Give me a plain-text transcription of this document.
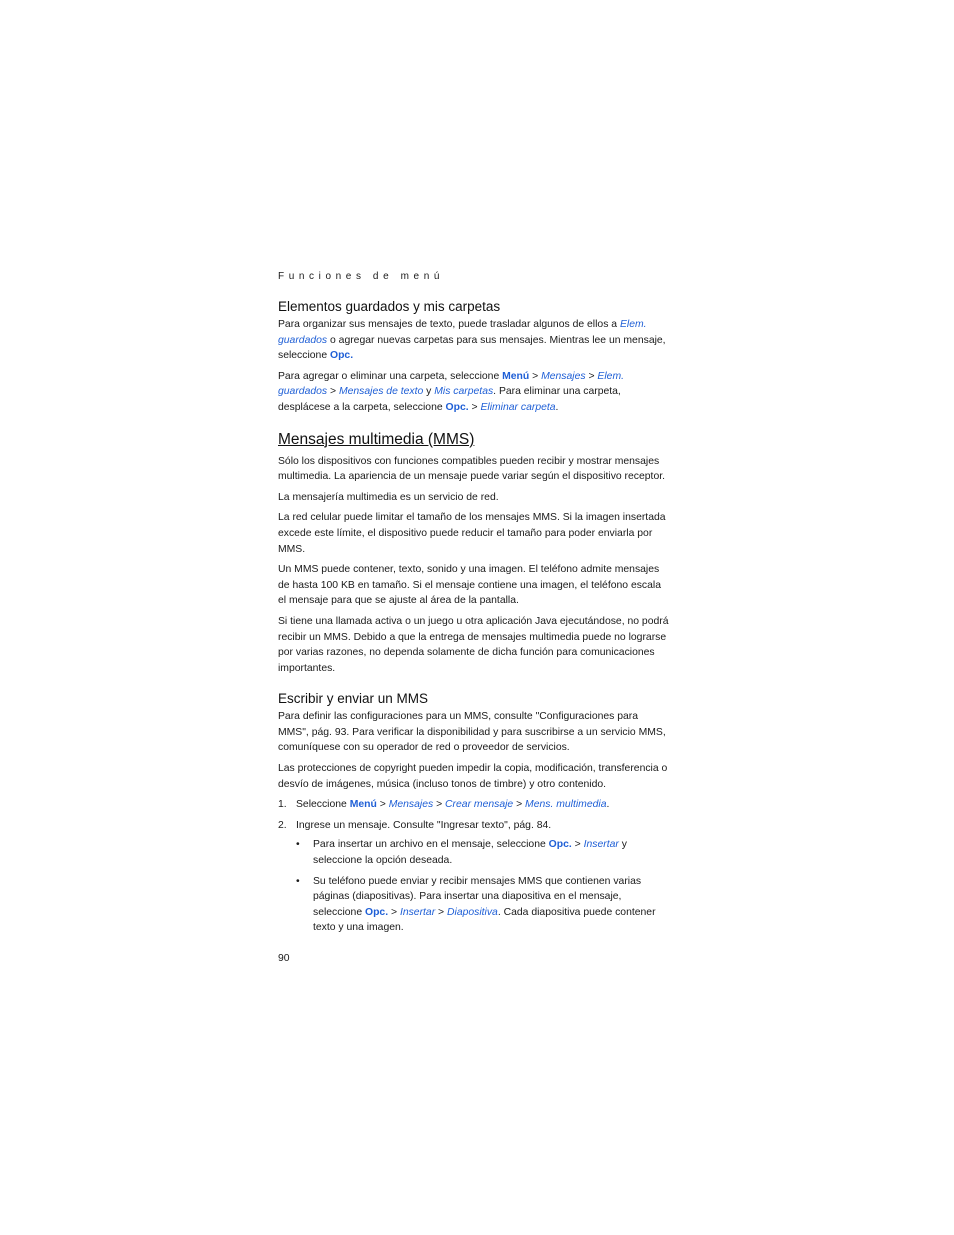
Funciones de menú
Elementos guardados y mis carpetas

Para organizar sus mensajes de texto, puede trasladar algunos de ellos a Elem. guardados o agregar nuevas carpetas para sus mensajes. Mientras lee un mensaje, seleccione Opc.

Para agregar o eliminar una carpeta, seleccione Menú > Mensajes > Elem. guardados > Mensajes de texto y Mis carpetas. Para eliminar una carpeta, desplácese a la carpeta, seleccione Opc. > Eliminar carpeta.

Mensajes multimedia (MMS)

Sólo los dispositivos con funciones compatibles pueden recibir y mostrar mensajes multimedia. La apariencia de un mensaje puede variar según el dispositivo receptor.

La mensajería multimedia es un servicio de red.

La red celular puede limitar el tamaño de los mensajes MMS. Si la imagen insertada excede este límite, el dispositivo puede reducir el tamaño para poder enviarla por MMS.

Un MMS puede contener, texto, sonido y una imagen. El teléfono admite mensajes de hasta 100 KB en tamaño. Si el mensaje contiene una imagen, el teléfono escala el mensaje para que se ajuste al área de la pantalla.

Si tiene una llamada activa o un juego u otra aplicación Java ejecutándose, no podrá recibir un MMS. Debido a que la entrega de mensajes multimedia puede no lograrse por varias razones, no dependa solamente de dicha función para comunicaciones importantes.

Escribir y enviar un MMS

Para definir las configuraciones para un MMS, consulte "Configuraciones para MMS", pág. 93. Para verificar la disponibilidad y para suscribirse a un servicio MMS, comuníquese con su operador de red o proveedor de servicios.

Las protecciones de copyright pueden impedir la copia, modificación, transferencia o desvío de imágenes, música (incluso tonos de timbre) y otro contenido.

1. Seleccione Menú > Mensajes > Crear mensaje > Mens. multimedia.
2. Ingrese un mensaje. Consulte "Ingresar texto", pág. 84.
• Para insertar un archivo en el mensaje, seleccione Opc. > Insertar y seleccione la opción deseada.
• Su teléfono puede enviar y recibir mensajes MMS que contienen varias páginas (diapositivas). Para insertar una diapositiva en el mensaje, seleccione Opc. > Insertar > Diapositiva. Cada diapositiva puede contener texto y una imagen.
90
